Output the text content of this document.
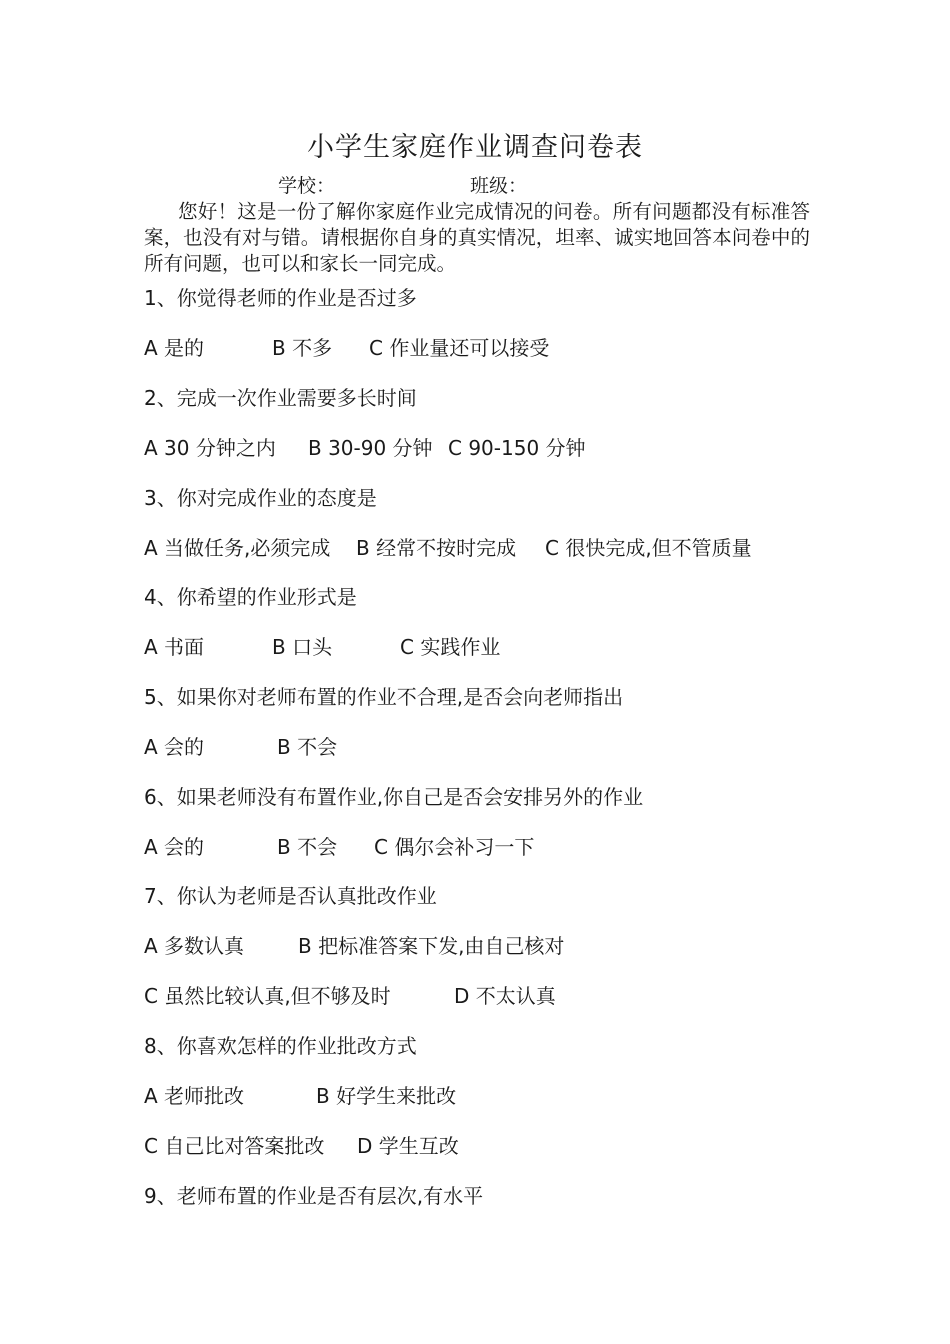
小学生家庭作业调查问卷表
学校：	班级：
您好！这是一份了解你家庭作业完成情况的问卷。所有问题都没有标准答案，也没有对与错。请根据你自身的真实情况，坦率、诚实地回答本问卷中的所有问题，也可以和家长一同完成。
1、你觉得老师的作业是否过多
A 是的	B 不多 C 作业量还可以接受
2、完成一次作业需要多长时间
A 30 分钟之内 B 30-90 分钟 C 90-150 分钟
3、你对完成作业的态度是
A 当做任务,必须完成 B 经常不按时完成 C 很快完成,但不管质量
4、你希望的作业形式是
A 书面	B 口头	C 实践作业
5、如果你对老师布置的作业不合理,是否会向老师指出
A 会的	B 不会
6、如果老师没有布置作业,你自己是否会安排另外的作业
A 会的	B 不会 C 偶尔会补习一下
7、你认为老师是否认真批改作业
A 多数认真	B 把标准答案下发,由自己核对
C 虽然比较认真,但不够及时	D 不太认真
8、你喜欢怎样的作业批改方式
A 老师批改	B 好学生来批改
C 自己比对答案批改 D 学生互改
9、老师布置的作业是否有层次,有水平
